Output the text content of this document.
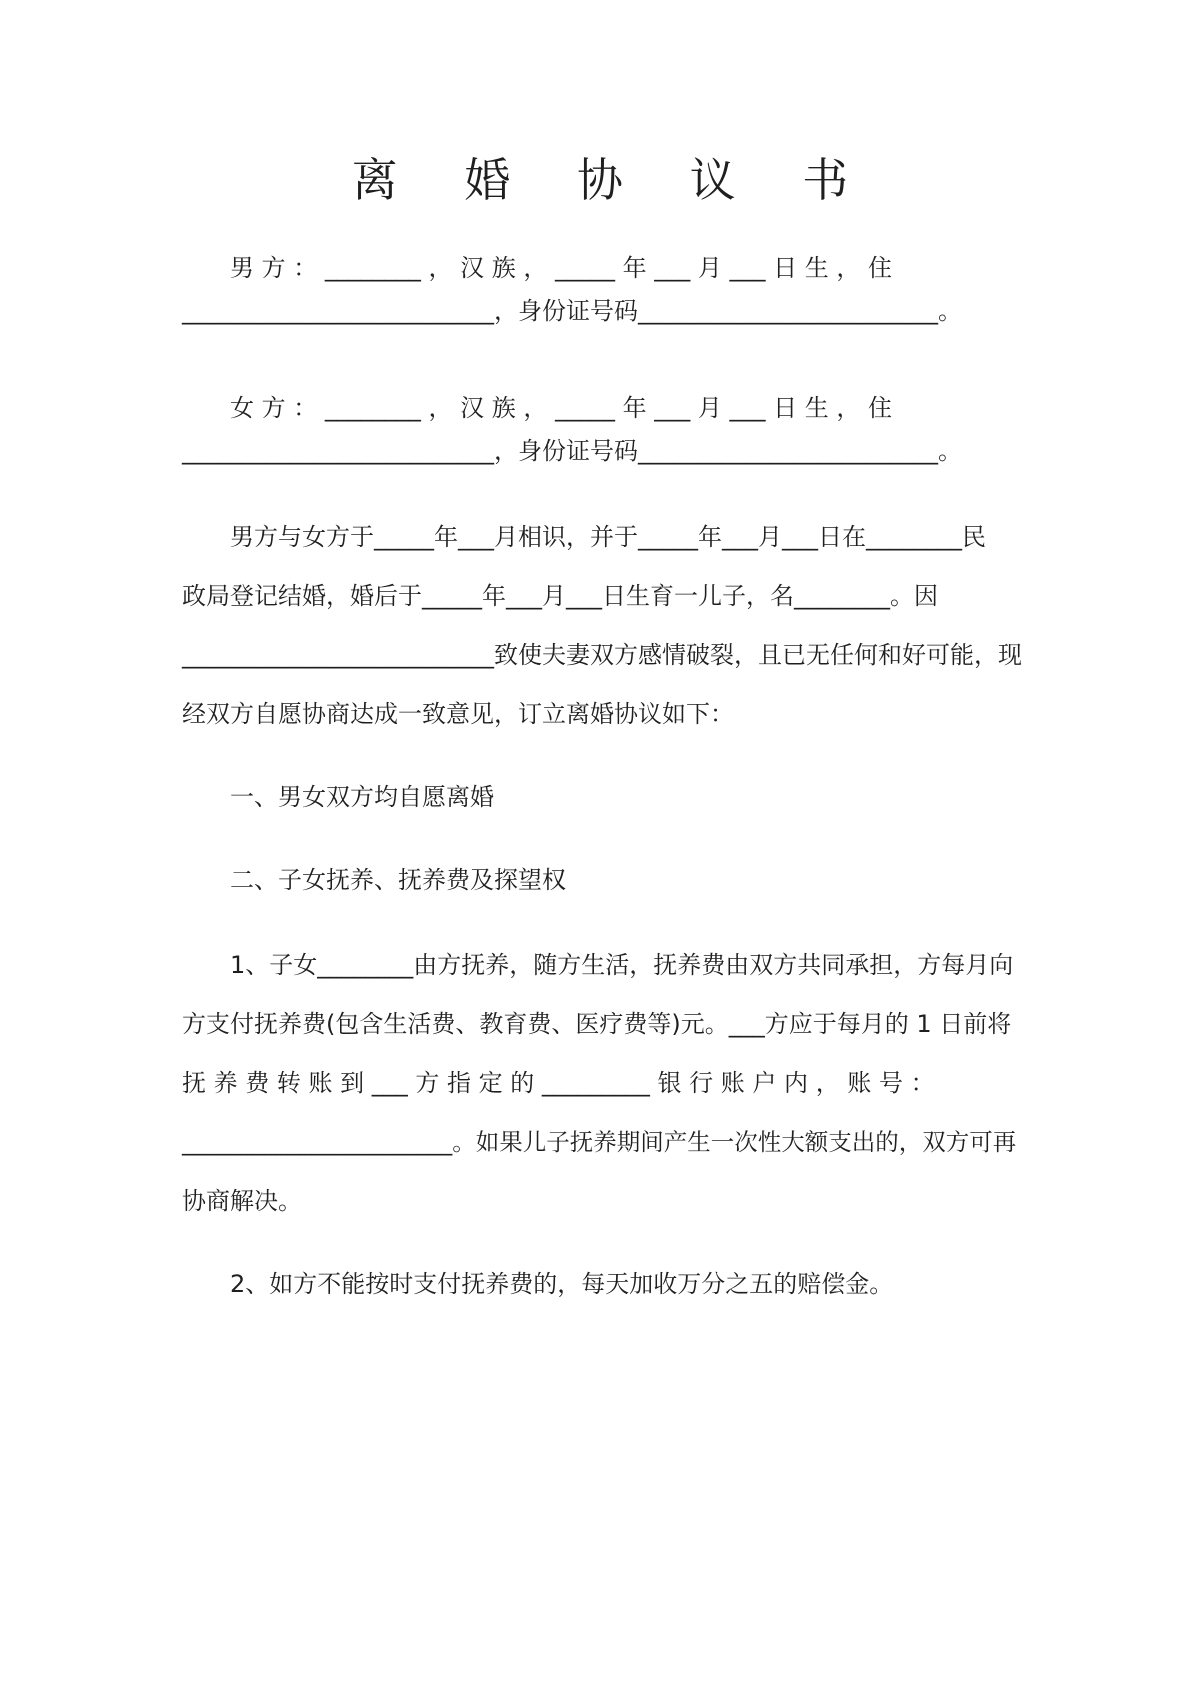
离 婚 协 议 书
男 方 ： ________ ， 汉 族 ， _____ 年 ___ 月 ___ 日 生 ， 住
__________________________，身份证号码_________________________。
女 方 ： ________ ， 汉 族 ， _____ 年 ___ 月 ___ 日 生 ， 住
__________________________，身份证号码_________________________。
男方与女方于_____年___月相识，并于_____年___月___日在________民
政局登记结婚，婚后于_____年___月___日生育一儿子，名________。因
__________________________致使夫妻双方感情破裂，且已无任何和好可能，现
经双方自愿协商达成一致意见，订立离婚协议如下：
一、男女双方均自愿离婚
二、子女抚养、抚养费及探望权
1、子女________由方抚养，随方生活，抚养费由双方共同承担，方每月向
方支付抚养费(包含生活费、教育费、医疗费等)元。___方应于每月的 1 日前将
抚 养 费 转 账 到 ___ 方 指 定 的 _________ 银 行 账 户 内 ， 账 号 ：
_______________________。如果儿子抚养期间产生一次性大额支出的，双方可再
协商解决。
2、如方不能按时支付抚养费的，每天加收万分之五的赔偿金。
